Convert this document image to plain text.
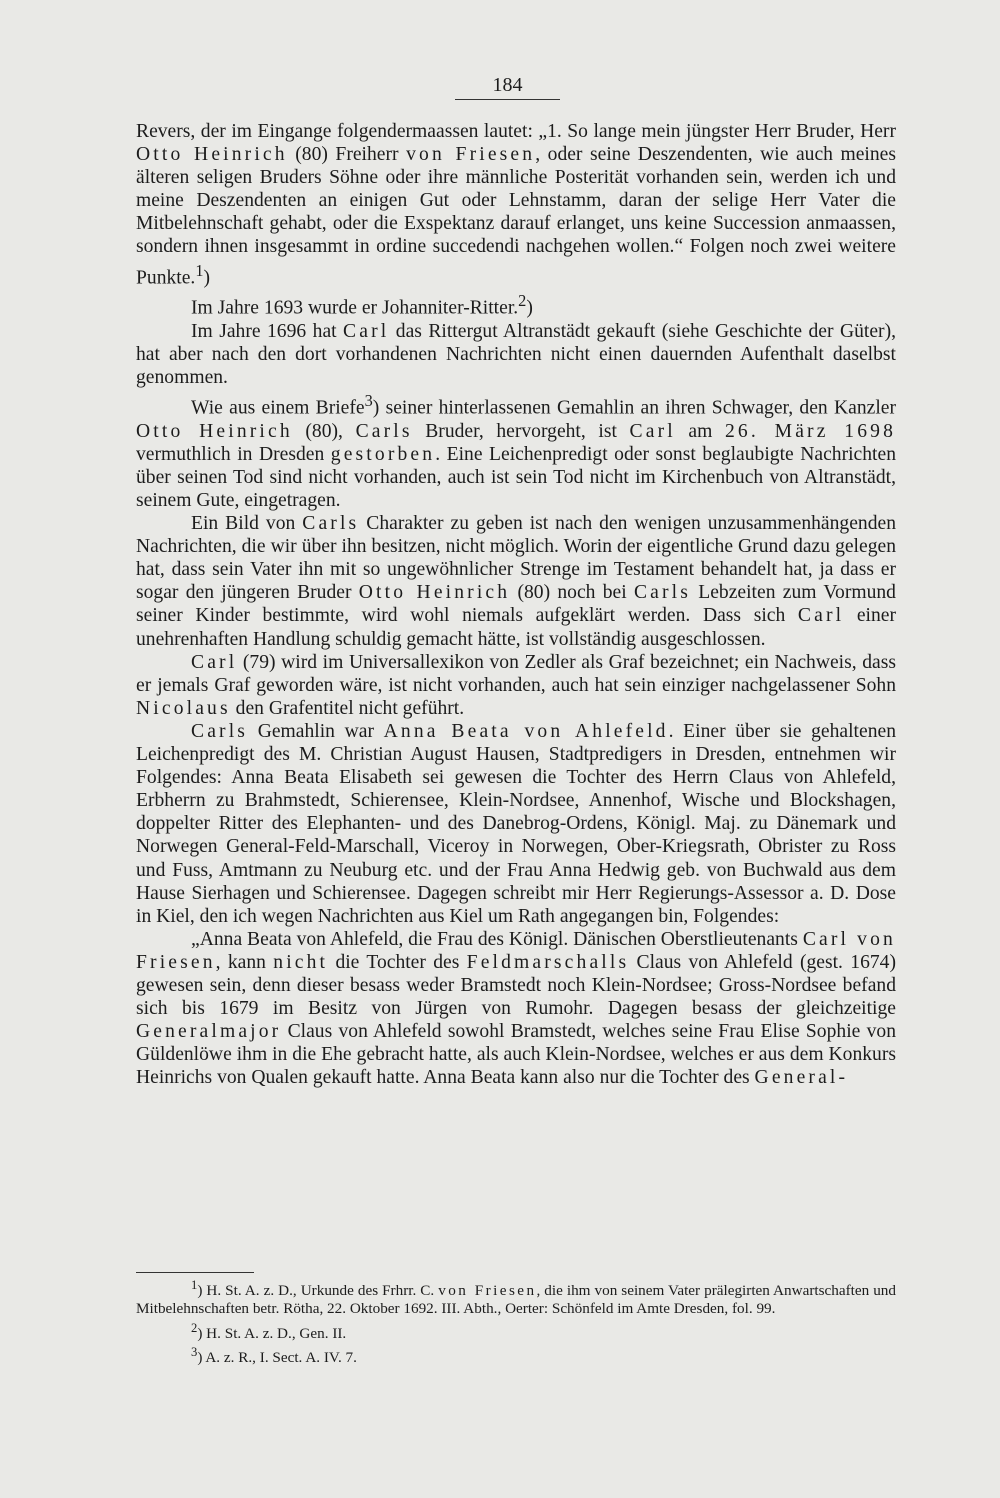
184

Revers, der im Eingange folgendermaassen lautet: „1. So lange mein jüngster Herr Bruder, Herr Otto Heinrich (80) Freiherr von Friesen, oder seine Deszendenten, wie auch meines älteren seligen Bruders Söhne oder ihre männliche Posterität vorhanden sein, werden ich und meine Deszendenten an einigen Gut oder Lehnstamm, daran der selige Herr Vater die Mitbelehnschaft gehabt, oder die Exspektanz darauf erlanget, uns keine Succession anmaassen, sondern ihnen insgesammt in ordine succedendi nachgehen wollen.“ Folgen noch zwei weitere Punkte.$^1$)

Im Jahre 1693 wurde er Johanniter-Ritter.$^2$)

Im Jahre 1696 hat Carl das Rittergut Altranstädt gekauft (siehe Geschichte der Güter), hat aber nach den dort vorhandenen Nachrichten nicht einen dauernden Aufenthalt daselbst genommen.

Wie aus einem Briefe$^3$) seiner hinterlassenen Gemahlin an ihren Schwager, den Kanzler Otto Heinrich (80), Carls Bruder, hervorgeht, ist Carl am 26. März 1698 vermuthlich in Dresden gestorben. Eine Leichenpredigt oder sonst beglaubigte Nachrichten über seinen Tod sind nicht vorhanden, auch ist sein Tod nicht im Kirchenbuch von Altranstädt, seinem Gute, eingetragen.

Ein Bild von Carls Charakter zu geben ist nach den wenigen unzusammenhängenden Nachrichten, die wir über ihn besitzen, nicht möglich. Worin der eigentliche Grund dazu gelegen hat, dass sein Vater ihn mit so ungewöhnlicher Strenge im Testament behandelt hat, ja dass er sogar den jüngeren Bruder Otto Heinrich (80) noch bei Carls Lebzeiten zum Vormund seiner Kinder bestimmte, wird wohl niemals aufgeklärt werden. Dass sich Carl einer unehrenhaften Handlung schuldig gemacht hätte, ist vollständig ausgeschlossen.

Carl (79) wird im Universallexikon von Zedler als Graf bezeichnet; ein Nachweis, dass er jemals Graf geworden wäre, ist nicht vorhanden, auch hat sein einziger nachgelassener Sohn Nicolaus den Grafentitel nicht geführt.

Carls Gemahlin war Anna Beata von Ahlefeld. Einer über sie gehaltenen Leichenpredigt des M. Christian August Hausen, Stadtpredigers in Dresden, entnehmen wir Folgendes: Anna Beata Elisabeth sei gewesen die Tochter des Herrn Claus von Ahlefeld, Erbherrn zu Brahmstedt, Schierensee, Klein-Nordsee, Annenhof, Wische und Blockshagen, doppelter Ritter des Elephanten- und des Danebrog-Ordens, Königl. Maj. zu Dänemark und Norwegen General-Feld-Marschall, Viceroy in Norwegen, Ober-Kriegsrath, Obrister zu Ross und Fuss, Amtmann zu Neuburg etc. und der Frau Anna Hedwig geb. von Buchwald aus dem Hause Sierhagen und Schierensee. Dagegen schreibt mir Herr Regierungs-Assessor a. D. Dose in Kiel, den ich wegen Nachrichten aus Kiel um Rath angegangen bin, Folgendes:

„Anna Beata von Ahlefeld, die Frau des Königl. Dänischen Oberstlieutenants Carl von Friesen, kann nicht die Tochter des Feldmarschalls Claus von Ahlefeld (gest. 1674) gewesen sein, denn dieser besass weder Bramstedt noch Klein-Nordsee; Gross-Nordsee befand sich bis 1679 im Besitz von Jürgen von Rumohr. Dagegen besass der gleichzeitige Generalmajor Claus von Ahlefeld sowohl Bramstedt, welches seine Frau Elise Sophie von Güldenlöwe ihm in die Ehe gebracht hatte, als auch Klein-Nordsee, welches er aus dem Konkurs Heinrichs von Qualen gekauft hatte. Anna Beata kann also nur die Tochter des General-

$^1$) H. St. A. z. D., Urkunde des Frhrr. C. von Friesen, die ihm von seinem Vater prälegirten Anwartschaften und Mitbelehnschaften betr. Rötha, 22. Oktober 1692. III. Abth., Oerter: Schönfeld im Amte Dresden, fol. 99.

$^2$) H. St. A. z. D., Gen. II.

$^3$) A. z. R., I. Sect. A. IV. 7.
